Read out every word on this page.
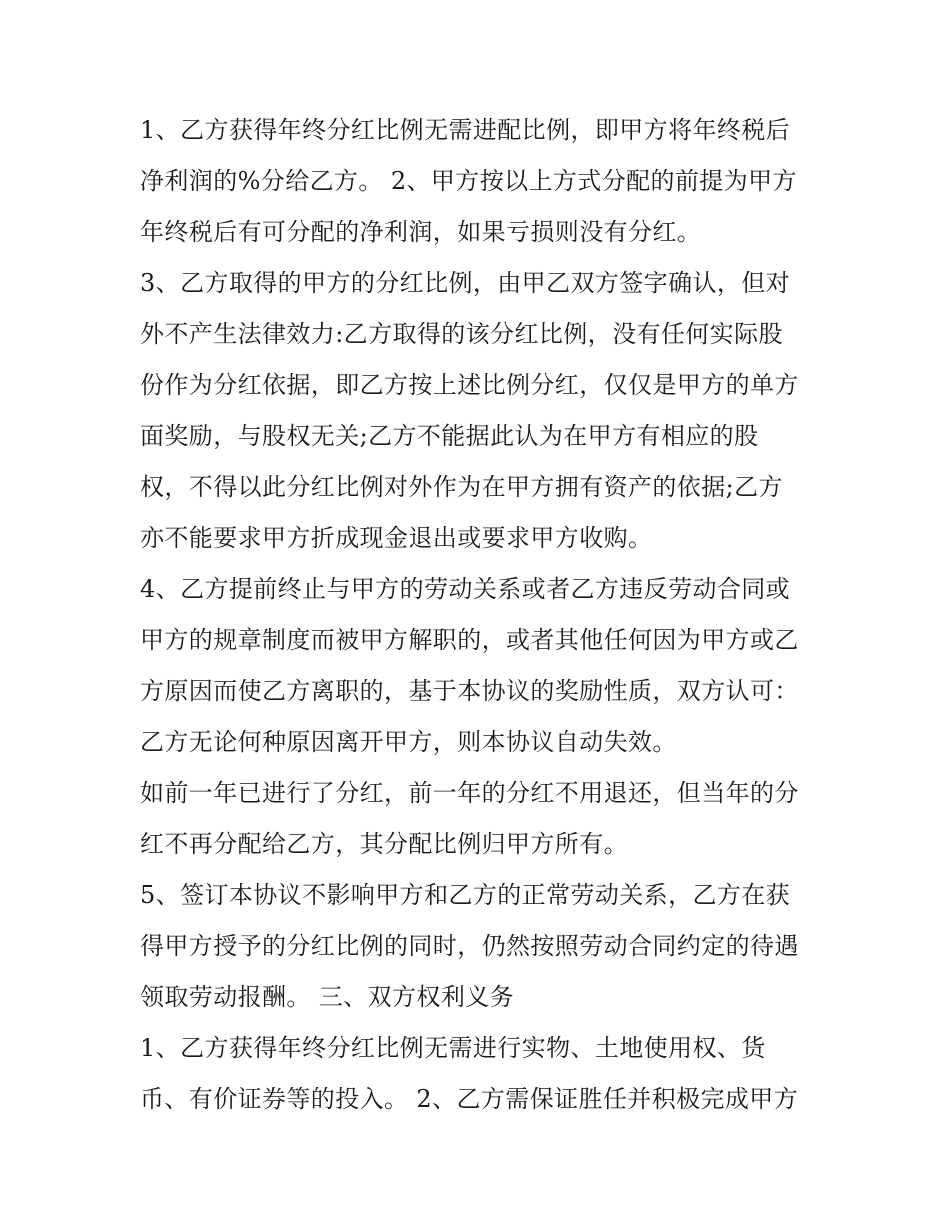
1、乙方获得年终分红比例无需进配比例，即甲方将年终税后
净利润的%分给乙方。 2、甲方按以上方式分配的前提为甲方
年终税后有可分配的净利润，如果亏损则没有分红。
3、乙方取得的甲方的分红比例，由甲乙双方签字确认，但对
外不产生法律效力:乙方取得的该分红比例，没有任何实际股
份作为分红依据，即乙方按上述比例分红，仅仅是甲方的单方
面奖励，与股权无关;乙方不能据此认为在甲方有相应的股
权，不得以此分红比例对外作为在甲方拥有资产的依据;乙方
亦不能要求甲方折成现金退出或要求甲方收购。
4、乙方提前终止与甲方的劳动关系或者乙方违反劳动合同或
甲方的规章制度而被甲方解职的，或者其他任何因为甲方或乙
方原因而使乙方离职的，基于本协议的奖励性质，双方认可：
乙方无论何种原因离开甲方，则本协议自动失效。
如前一年已进行了分红，前一年的分红不用退还，但当年的分
红不再分配给乙方，其分配比例归甲方所有。
5、签订本协议不影响甲方和乙方的正常劳动关系，乙方在获
得甲方授予的分红比例的同时，仍然按照劳动合同约定的待遇
领取劳动报酬。 三、双方权利义务
1、乙方获得年终分红比例无需进行实物、土地使用权、货
币、有价证券等的投入。 2、乙方需保证胜任并积极完成甲方
